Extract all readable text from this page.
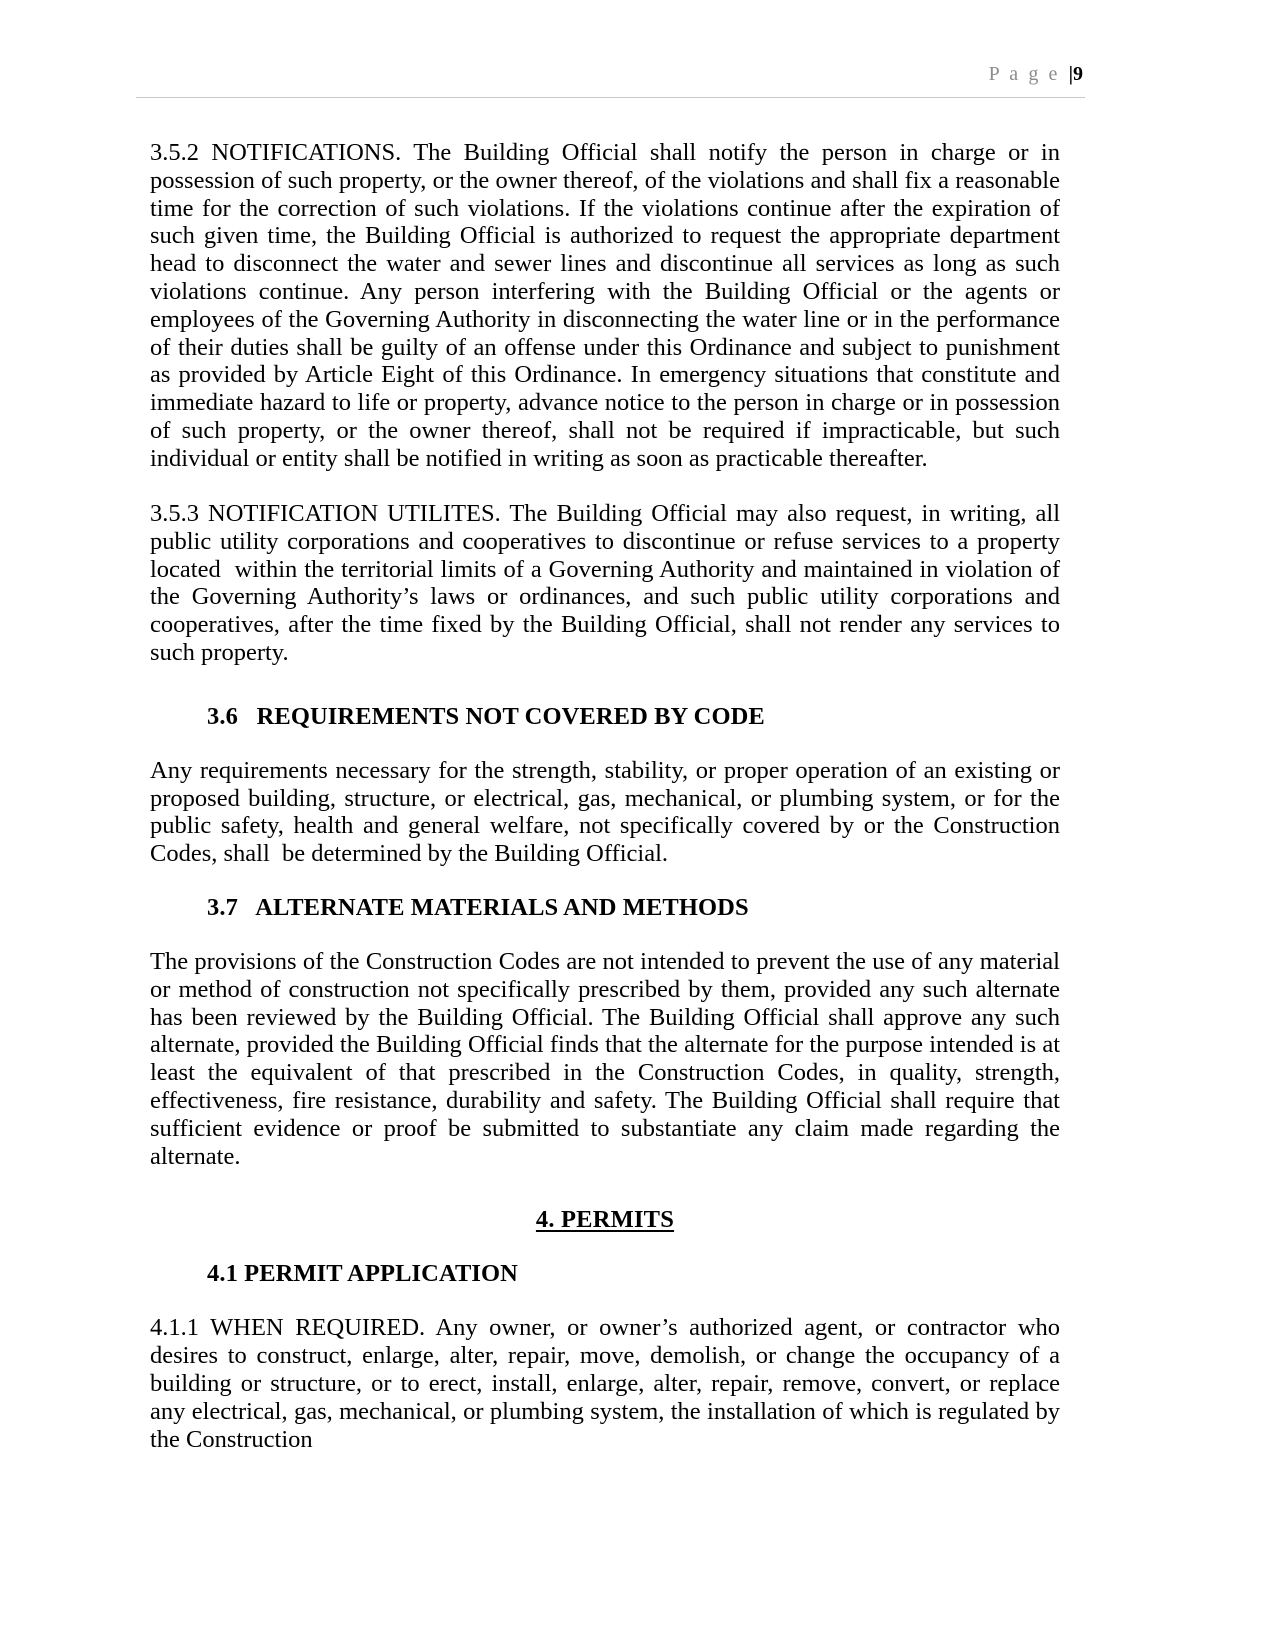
P a g e |9

3.5.2 NOTIFICATIONS. The Building Official shall notify the person in charge or in possession of such property, or the owner thereof, of the violations and shall fix a reasonable time for the correction of such violations. If the violations continue after the expiration of such given time, the Building Official is authorized to request the appropriate department head to disconnect the water and sewer lines and discontinue all services as long as such violations continue. Any person interfering with the Building Official or the agents or employees of the Governing Authority in disconnecting the water line or in the performance of their duties shall be guilty of an offense under this Ordinance and subject to punishment as provided by Article Eight of this Ordinance. In emergency situations that constitute and immediate hazard to life or property, advance notice to the person in charge or in possession of such property, or the owner thereof, shall not be required if impracticable, but such individual or entity shall be notified in writing as soon as practicable thereafter.

3.5.3 NOTIFICATION UTILITES. The Building Official may also request, in writing, all public utility corporations and cooperatives to discontinue or refuse services to a property located  within the territorial limits of a Governing Authority and maintained in violation of the Governing Authority’s laws or ordinances, and such public utility corporations and cooperatives, after the time fixed by the Building Official, shall not render any services to such property.

3.6   REQUIREMENTS NOT COVERED BY CODE

Any requirements necessary for the strength, stability, or proper operation of an existing or proposed building, structure, or electrical, gas, mechanical, or plumbing system, or for the public safety, health and general welfare, not specifically covered by or the Construction Codes, shall  be determined by the Building Official.

3.7   ALTERNATE MATERIALS AND METHODS

The provisions of the Construction Codes are not intended to prevent the use of any material or method of construction not specifically prescribed by them, provided any such alternate has been reviewed by the Building Official. The Building Official shall approve any such alternate, provided the Building Official finds that the alternate for the purpose intended is at least the equivalent of that prescribed in the Construction Codes, in quality, strength, effectiveness, fire resistance, durability and safety. The Building Official shall require that sufficient evidence or proof be submitted to substantiate any claim made regarding the alternate.

4. PERMITS
4.1 PERMIT APPLICATION

4.1.1 WHEN REQUIRED. Any owner, or owner’s authorized agent, or contractor who desires to construct, enlarge, alter, repair, move, demolish, or change the occupancy of a building or structure, or to erect, install, enlarge, alter, repair, remove, convert, or replace any electrical, gas, mechanical, or plumbing system, the installation of which is regulated by the Construction
